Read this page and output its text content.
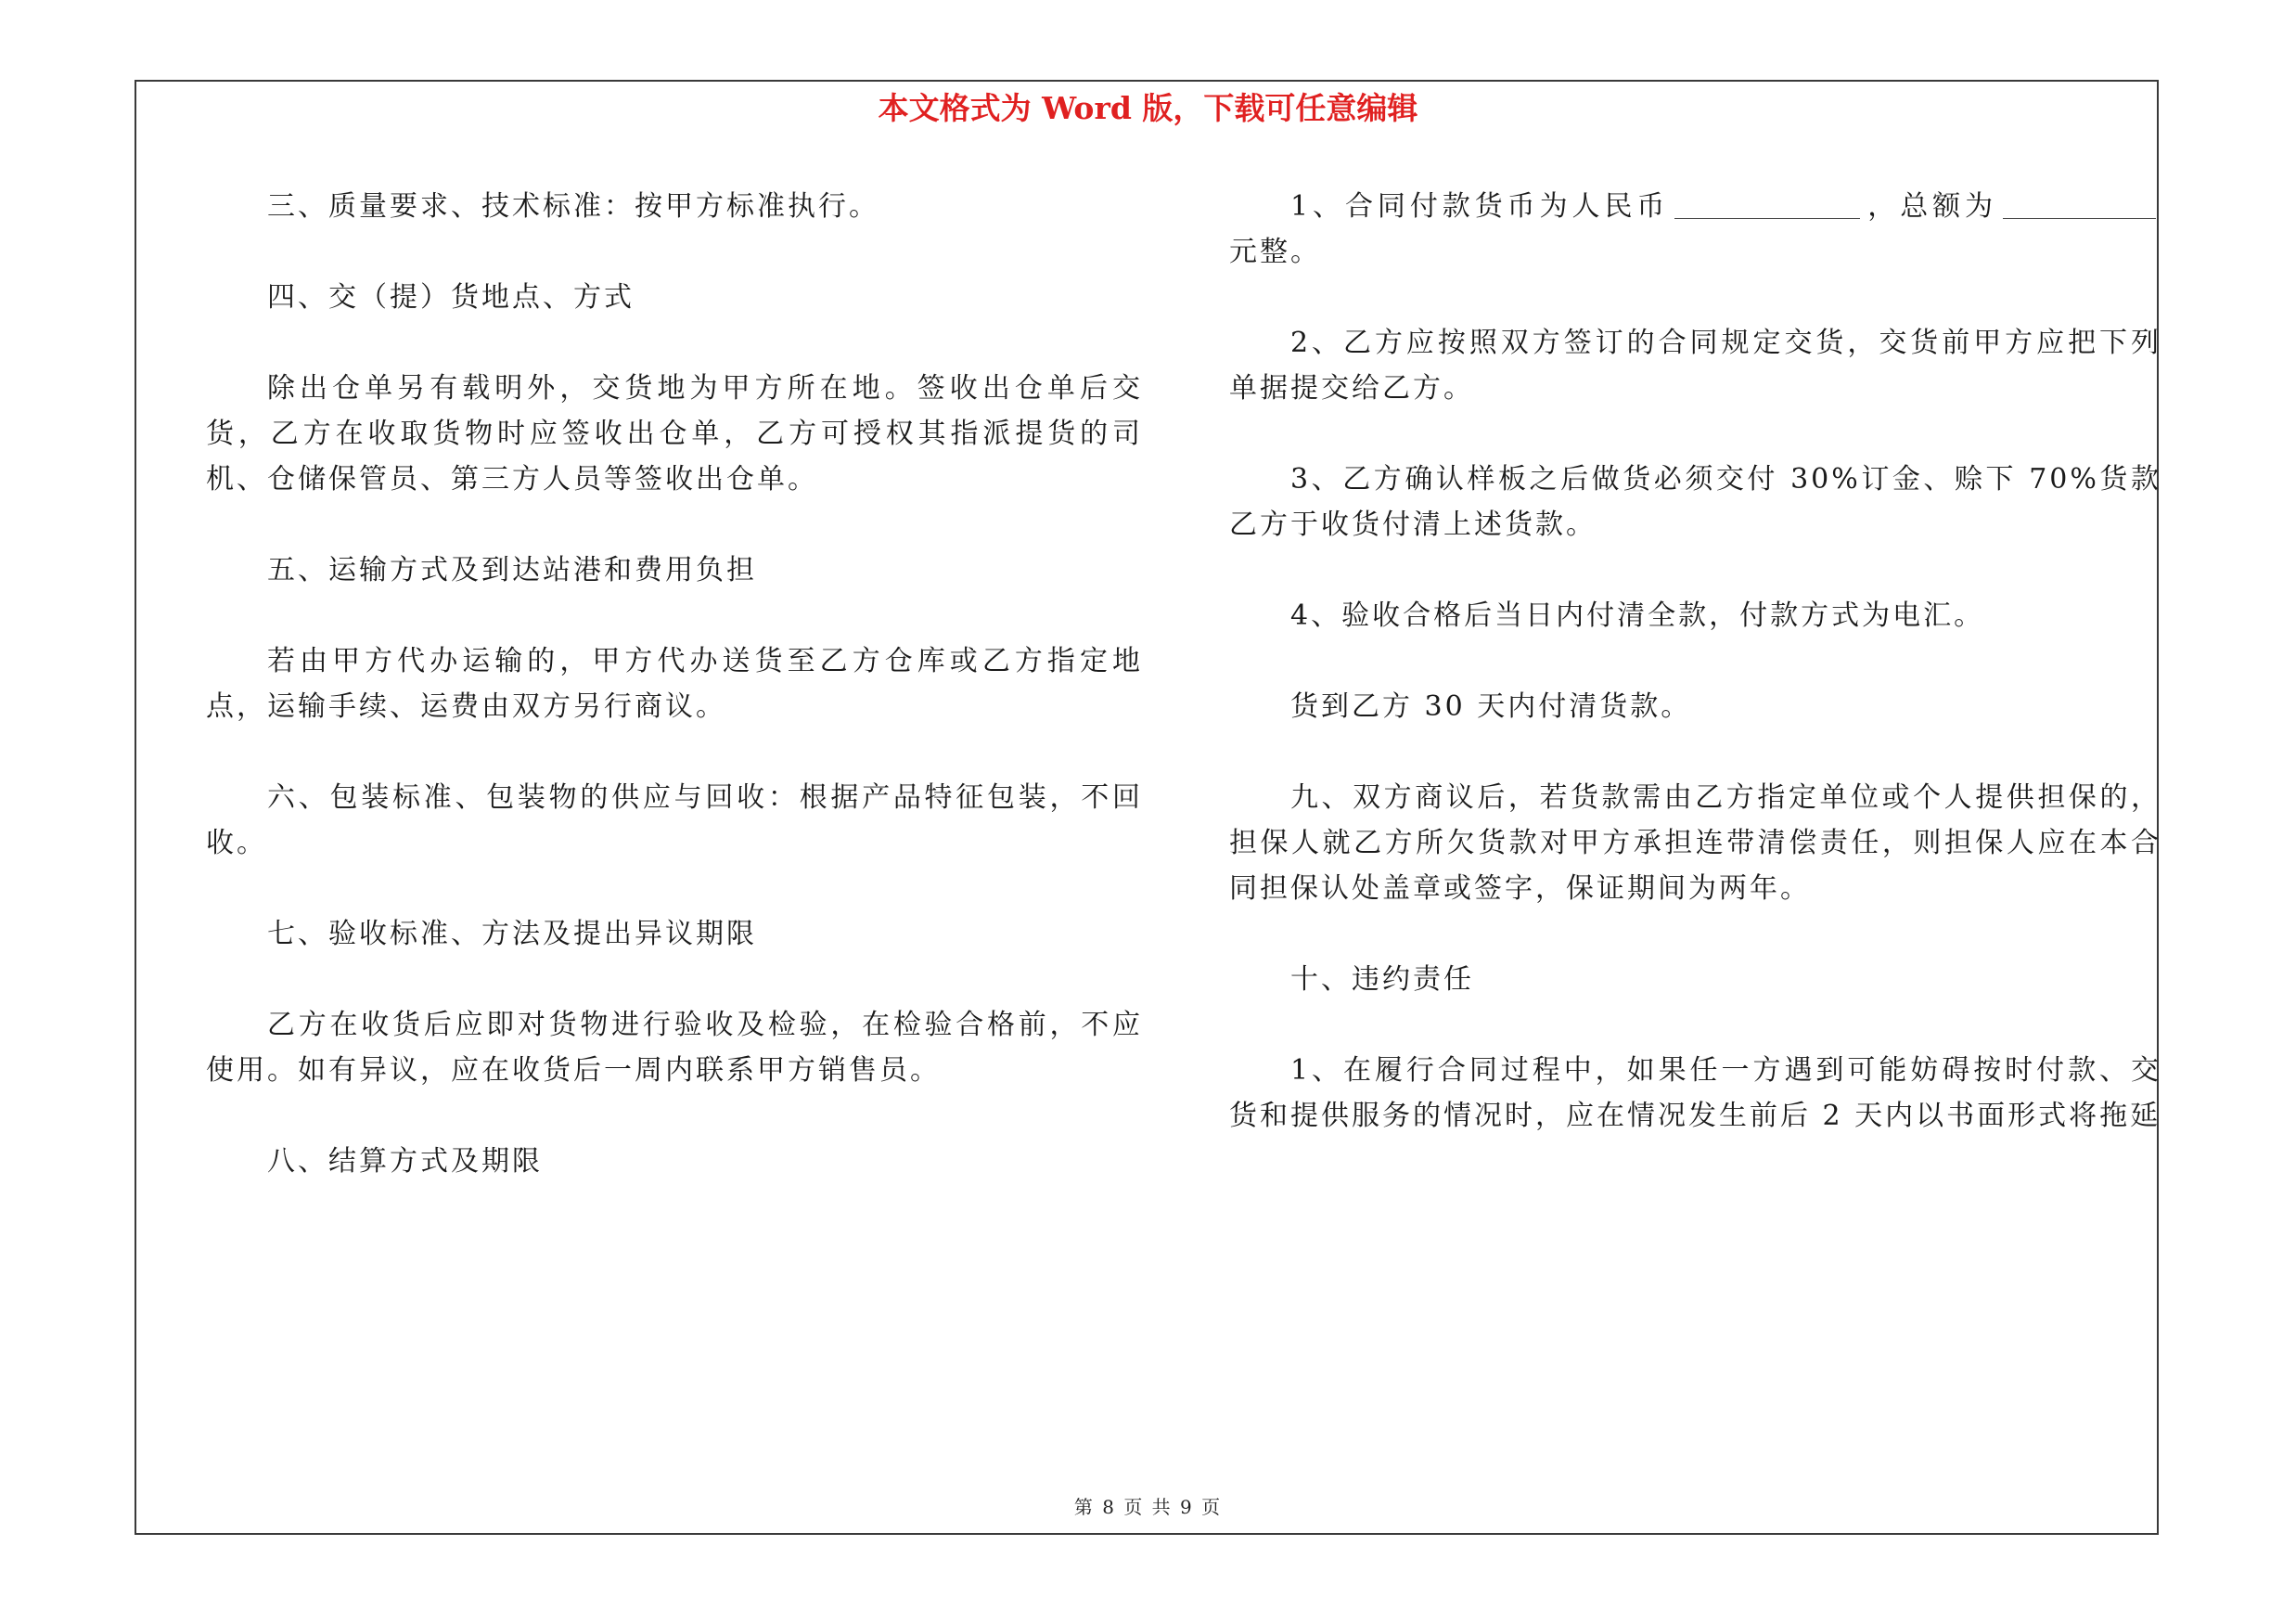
本文格式为 Word 版，下载可任意编辑

三、质量要求、技术标准：按甲方标准执行。

四、交（提）货地点、方式

除出仓单另有载明外，交货地为甲方所在地。签收出仓单后交货，乙方在收取货物时应签收出仓单，乙方可授权其指派提货的司机、仓储保管员、第三方人员等签收出仓单。

五、运输方式及到达站港和费用负担

若由甲方代办运输的，甲方代办送货至乙方仓库或乙方指定地点，运输手续、运费由双方另行商议。

六、包装标准、包装物的供应与回收：根据产品特征包装，不回收。

七、验收标准、方法及提出异议期限

乙方在收货后应即对货物进行验收及检验，在检验合格前，不应使用。如有异议，应在收货后一周内联系甲方销售员。

八、结算方式及期限

1、合同付款货币为人民币	，总额为元整。

2、乙方应按照双方签订的合同规定交货，交货前甲方应把下列单据提交给乙方。

3、乙方确认样板之后做货必须交付 30%订金、赊下 70%货款乙方于收货付清上述货款。

4、验收合格后当日内付清全款，付款方式为电汇。

货到乙方 30 天内付清货款。

九、双方商议后，若货款需由乙方指定单位或个人提供担保的，担保人就乙方所欠货款对甲方承担连带清偿责任，则担保人应在本合同担保认处盖章或签字，保证期间为两年。

十、违约责任

1、在履行合同过程中，如果任一方遇到可能妨碍按时付款、交货和提供服务的情况时，应在情况发生前后 2 天内以书面形式将拖延

第 8 页 共 9 页
